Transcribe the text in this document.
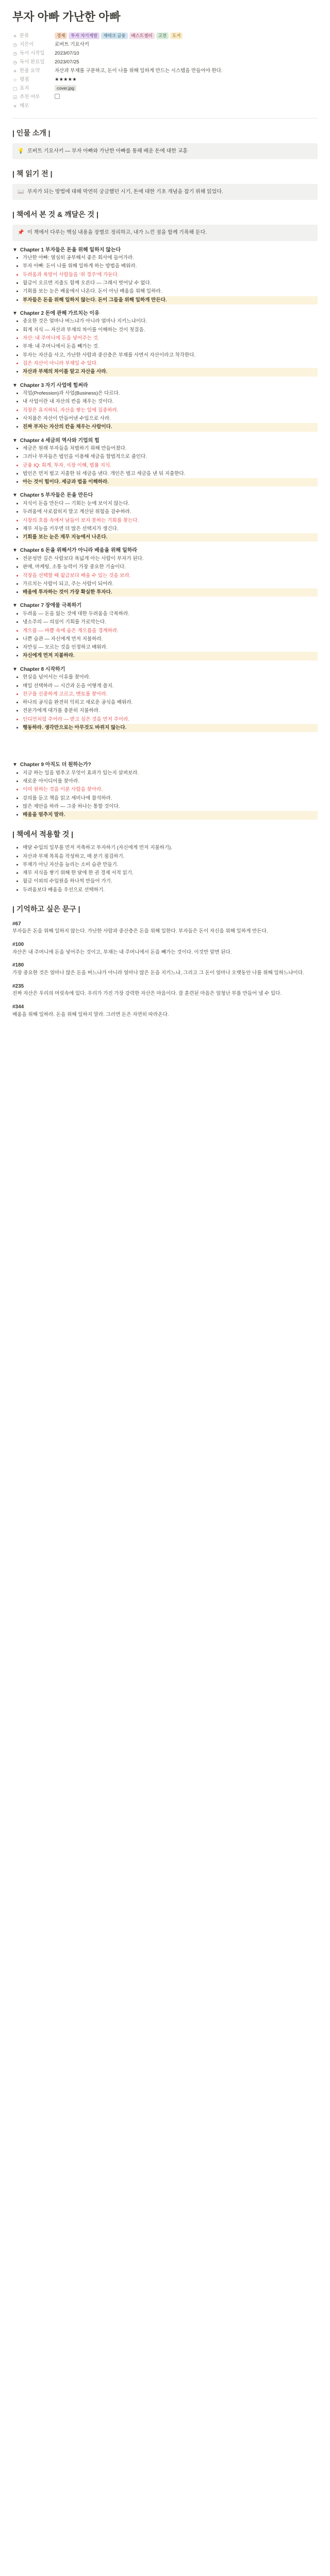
부자 아빠 가난한 아빠
≡ 분류	경제 투자 자기계발 재테크 금융 베스트셀러 고전 도서
◷ 지은이	로버트 기요사키
◷ 독서 시작일 2023/07/10
◷ 독서 완료일 2023/07/25
≡ 한줄 요약	자산과 부채를 구분하고, 돈이 나를 위해 일하게 만드는 시스템을 만들어야 한다.
☆ 평점	★★★★★
▢ 표지	cover.jpg
☑ 추천 여부
≡ 메모
| 인물 소개 |
💡 로버트 기요사키 — 부자 아빠와 가난한 아빠를 통해 배운 돈에 대한 교훈
| 책 읽기 전 |
📖 부자가 되는 방법에 대해 막연히 궁금했던 시기, 돈에 대한 기초 개념을 잡기 위해 읽었다.
| 책에서 본 것 & 깨달은 것 |
📌 이 책에서 다루는 핵심 내용을 장별로 정리하고, 내가 느낀 점을 함께 기록해 둔다.
▼ Chapter 1 부자들은 돈을 위해 일하지 않는다
• 가난한 아빠: 열심히 공부해서 좋은 회사에 들어가라.
• 부자 아빠: 돈이 나를 위해 일하게 하는 방법을 배워라.
• 두려움과 욕망이 사람들을 '쥐 경주'에 가둔다.
• 월급이 오르면 지출도 함께 오른다 — 그래서 벗어날 수 없다.
• 기회를 보는 눈은 배움에서 나온다. 돈이 아닌 배움을 위해 일하라.
• 부자들은 돈을 위해 일하지 않는다. 돈이 그들을 위해 일하게 만든다.
▼ Chapter 2 돈에 관해 가르치는 이유
• 중요한 것은 얼마나 버느냐가 아니라 얼마나 지키느냐이다.
• 회계 지식 — 자산과 부채의 차이를 이해하는 것이 첫걸음.
• 자산: 내 주머니에 돈을 넣어주는 것.
• 부채: 내 주머니에서 돈을 빼가는 것.
• 부자는 자산을 사고, 가난한 사람과 중산층은 부채를 사면서 자산이라고 착각한다.
• 집은 자산이 아니라 부채일 수 있다.
• 자산과 부채의 차이를 알고 자산을 사라.
▼ Chapter 3 자기 사업에 힘써라
• 직업(Profession)과 사업(Business)은 다르다.
• 내 사업이란 내 자산의 칸을 채우는 것이다.
• 직장은 유지하되, 자산을 쌓는 일에 집중하라.
• 사치품은 자산이 만들어낸 수입으로 사라.
• 진짜 부자는 자산의 칸을 채우는 사람이다.
▼ Chapter 4 세금의 역사와 기업의 힘
• 세금은 원래 부자들을 처벌하기 위해 만들어졌다.
• 그러나 부자들은 법인을 이용해 세금을 합법적으로 줄인다.
• 금융 IQ: 회계, 투자, 시장 이해, 법률 지식.
• 법인은 먼저 벌고 지출한 뒤 세금을 낸다. 개인은 벌고 세금을 낸 뒤 지출한다.
• 아는 것이 힘이다. 세금과 법을 이해하라.
▼ Chapter 5 부자들은 돈을 만든다
• 지식이 돈을 만든다 — 기회는 눈에 보이지 않는다.
• 두려움에 사로잡히지 말고 계산된 위험을 감수하라.
• 시장의 흐름 속에서 남들이 보지 못하는 기회를 찾는다.
• 재무 지능을 키우면 더 많은 선택지가 생긴다.
• 기회를 보는 눈은 재무 지능에서 나온다.
▼ Chapter 6 돈을 위해서가 아니라 배움을 위해 일하라
• 전문성만 깊은 사람보다 폭넓게 아는 사람이 부자가 된다.
• 판매, 마케팅, 소통 능력이 가장 중요한 기술이다.
• 직장을 선택할 때 월급보다 배울 수 있는 것을 보라.
• 가르치는 사람이 되고, 주는 사람이 되어라.
• 배움에 투자하는 것이 가장 확실한 투자다.
▼ Chapter 7 장애물 극복하기
• 두려움 — 돈을 잃는 것에 대한 두려움을 극복하라.
• 냉소주의 — 의심이 기회를 가로막는다.
• 게으름 — 바쁨 속에 숨은 게으름을 경계하라.
• 나쁜 습관 — 자신에게 먼저 지불하라.
• 자만심 — 모르는 것을 인정하고 배워라.
• 자신에게 먼저 지불하라.
▼ Chapter 8 시작하기
• 현실을 넘어서는 이유를 찾아라.
• 매일 선택하라 — 시간과 돈을 어떻게 쓸지.
• 친구를 신중하게 고르고, 멘토를 찾아라.
• 하나의 공식을 완전히 익히고 새로운 공식을 배워라.
• 전문가에게 대가를 충분히 지불하라.
• 인디언처럼 주어라 — 받고 싶은 것을 먼저 주어라.
• 행동하라. 생각만으로는 아무것도 바뀌지 않는다.
▼ Chapter 9 아직도 더 원하는가?
• 지금 하는 일을 멈추고 무엇이 효과가 있는지 살펴보라.
• 새로운 아이디어를 찾아라.
• 이미 원하는 것을 이룬 사람을 찾아라.
• 강의를 듣고 책을 읽고 세미나에 참석하라.
• 많은 제안을 하라 — 그중 하나는 통할 것이다.
• 배움을 멈추지 말라.
| 책에서 적용할 것 |
• 매달 수입의 일부를 먼저 저축하고 투자하기 (자신에게 먼저 지불하기).
• 자산과 부채 목록을 작성하고, 매 분기 점검하기.
• 부채가 아닌 자산을 늘리는 소비 습관 만들기.
• 재무 지식을 쌓기 위해 한 달에 한 권 경제 서적 읽기.
• 월급 이외의 수입원을 하나씩 만들어 가기.
• 두려움보다 배움을 우선으로 선택하기.
| 기억하고 싶은 문구 |
#67
부자들은 돈을 위해 일하지 않는다. 가난한 사람과 중산층은 돈을 위해 일한다. 부자들은 돈이 자신을 위해 일하게 만든다.
#100
자산은 내 주머니에 돈을 넣어주는 것이고, 부채는 내 주머니에서 돈을 빼가는 것이다. 이것만 알면 된다.
#180
가장 중요한 것은 얼마나 많은 돈을 버느냐가 아니라 얼마나 많은 돈을 지키느냐, 그리고 그 돈이 얼마나 오랫동안 나를 위해 일하느냐이다.
#235
진짜 자산은 우리의 머릿속에 있다. 우리가 가진 가장 강력한 자산은 마음이다. 잘 훈련된 마음은 엄청난 부를 만들어 낼 수 있다.
#344
배움을 위해 일하라. 돈을 위해 일하지 말라. 그러면 돈은 자연히 따라온다.
